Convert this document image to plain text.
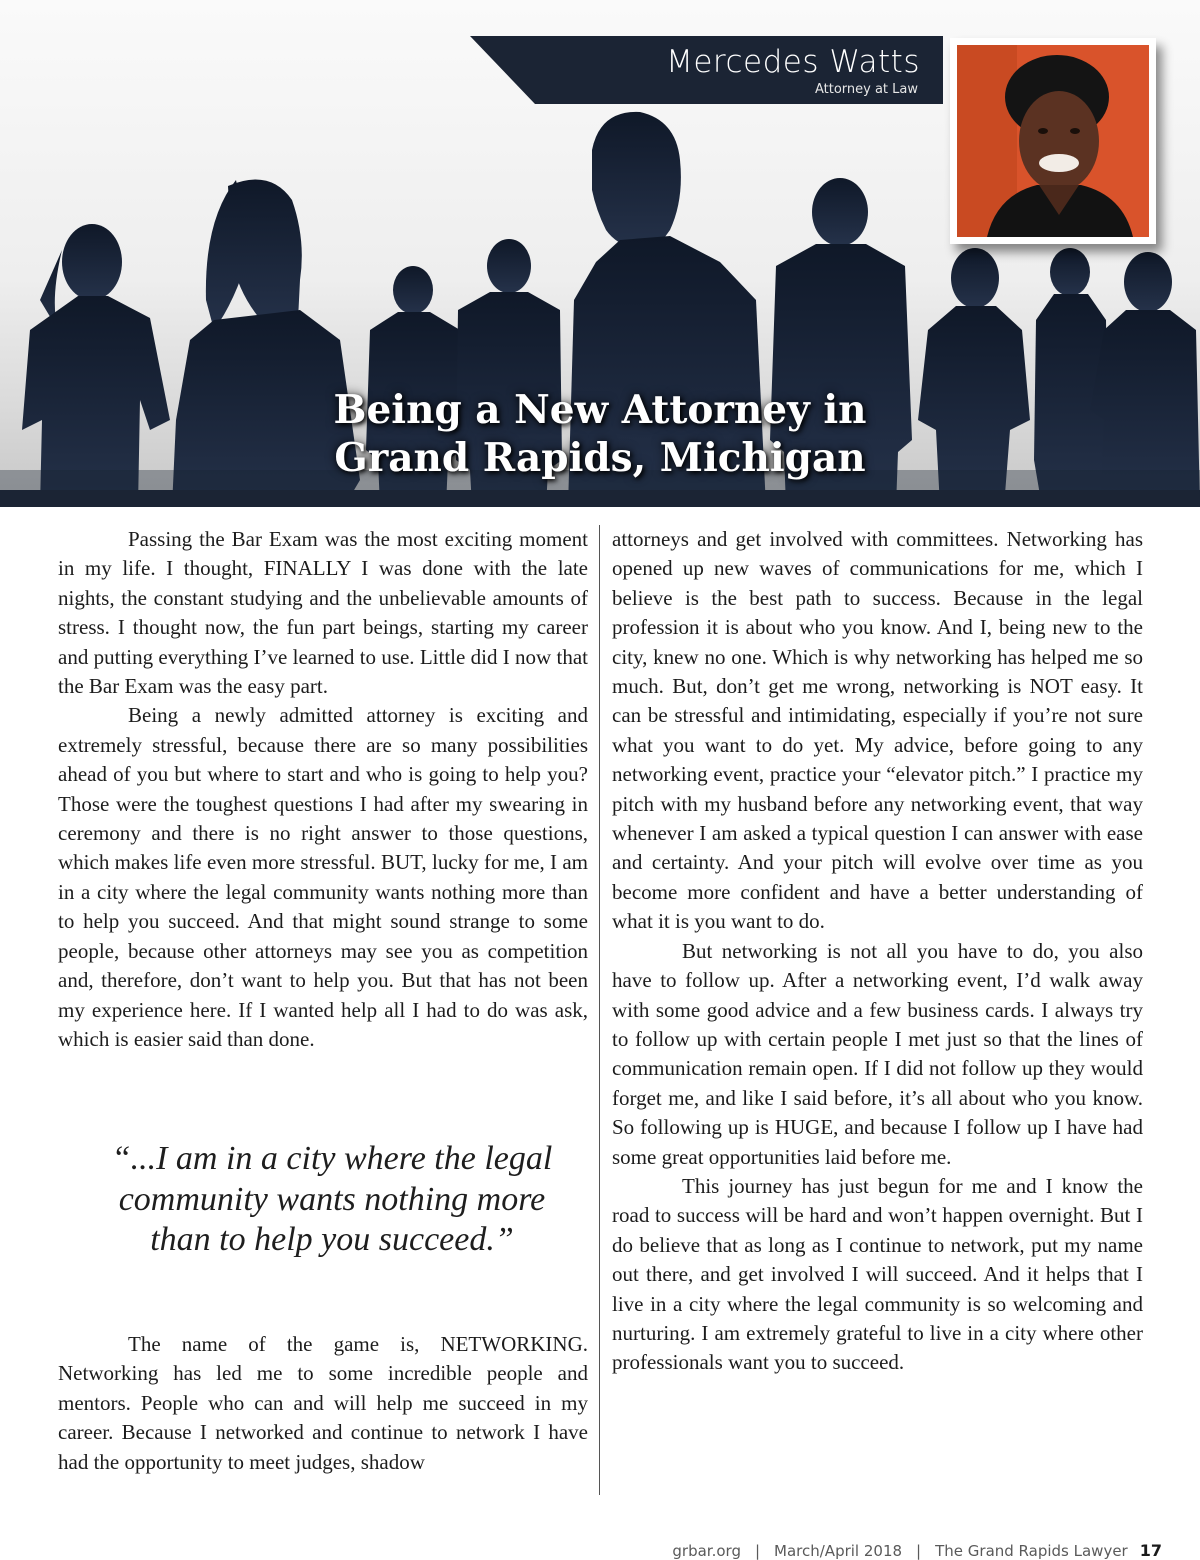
Mercedes Watts
Attorney at Law
Being a New Attorney in
Grand Rapids, Michigan

Passing the Bar Exam was the most exciting moment in my life. I thought, FINALLY I was done with the late nights, the constant studying and the unbelievable amounts of stress. I thought now, the fun part beings, starting my career and putting everything I’ve learned to use. Little did I now that the Bar Exam was the easy part.

Being a newly admitted attorney is exciting and extremely stressful, because there are so many possibilities ahead of you but where to start and who is going to help you? Those were the toughest questions I had after my swearing in ceremony and there is no right answer to those questions, which makes life even more stressful. BUT, lucky for me, I am in a city where the legal community wants nothing more than to help you succeed. And that might sound strange to some people, because other attorneys may see you as competition and, therefore, don’t want to help you. But that has not been my experience here. If I wanted help all I had to do was ask, which is easier said than done.

“...I am in a city where the legal community wants nothing more than to help you succeed.”

The name of the game is, NETWORKING. Networking has led me to some incredible people and mentors. People who can and will help me succeed in my career. Because I networked and continue to network I have had the opportunity to meet judges, shadow

attorneys and get involved with committees. Networking has opened up new waves of communications for me, which I believe is the best path to success. Because in the legal profession it is about who you know. And I, being new to the city, knew no one. Which is why networking has helped me so much. But, don’t get me wrong, networking is NOT easy. It can be stressful and intimidating, especially if you’re not sure what you want to do yet. My advice, before going to any networking event, practice your “elevator pitch.” I practice my pitch with my husband before any networking event, that way whenever I am asked a typical question I can answer with ease and certainty. And your pitch will evolve over time as you become more confident and have a better understanding of what it is you want to do.

But networking is not all you have to do, you also have to follow up. After a networking event, I’d walk away with some good advice and a few business cards. I always try to follow up with certain people I met just so that the lines of communication remain open. If I did not follow up they would forget me, and like I said before, it’s all about who you know. So following up is HUGE, and because I follow up I have had some great opportunities laid before me.

This journey has just begun for me and I know the road to success will be hard and won’t happen overnight. But I do believe that as long as I continue to network, put my name out there, and get involved I will succeed. And it helps that I live in a city where the legal community is so welcoming and nurturing. I am extremely grateful to live in a city where other professionals want you to succeed.

grbar.org | March/April 2018 | The Grand Rapids Lawyer 17
